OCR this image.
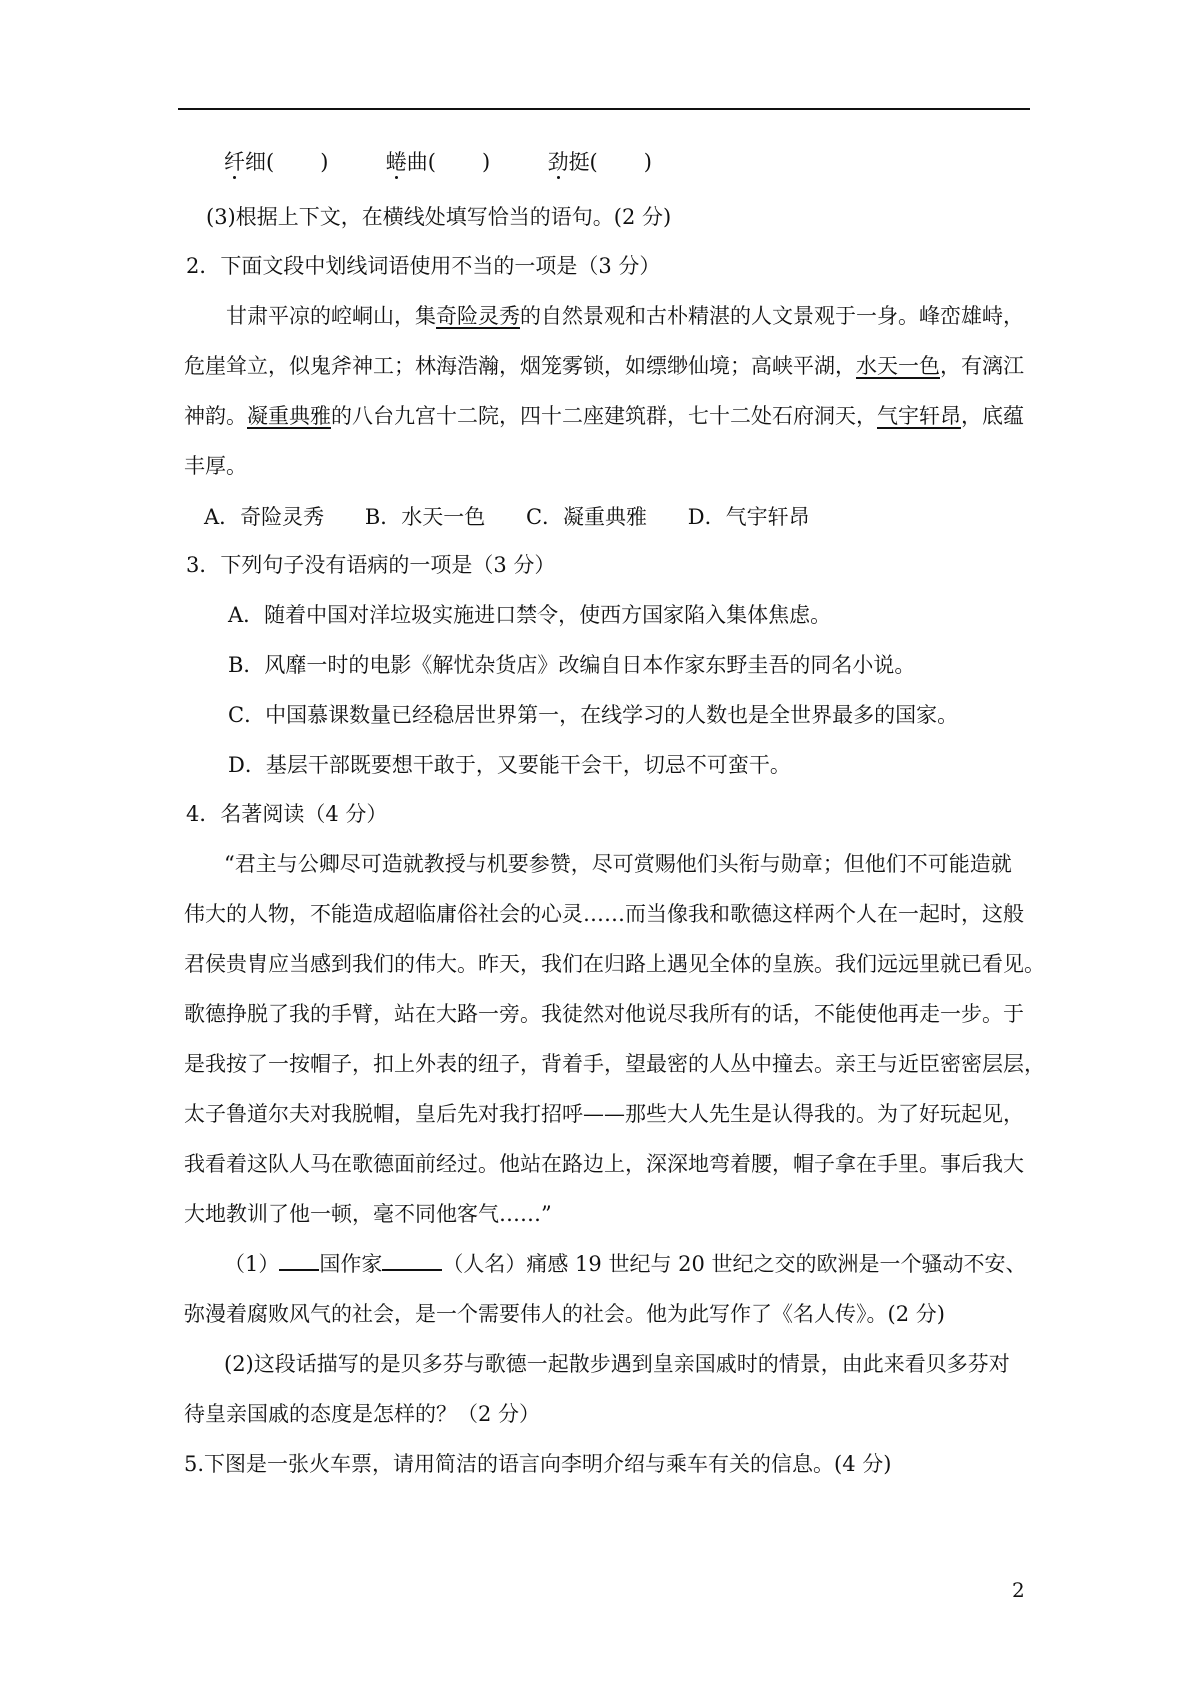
纤细( )	蜷曲( )	劲挺( )
(3)根据上下文，在横线处填写恰当的语句。(2 分)
2．下面文段中划线词语使用不当的一项是（3 分）
甘肃平凉的崆峒山，集奇险灵秀的自然景观和古朴精湛的人文景观于一身。峰峦雄峙，
危崖耸立，似鬼斧神工；林海浩瀚，烟笼雾锁，如缥缈仙境；高峡平湖，水天一色，有漓江
神韵。凝重典雅的八台九宫十二院，四十二座建筑群，七十二处石府洞天，气宇轩昂，底蕴
丰厚。
A．奇险灵秀 B．水天一色 C．凝重典雅 D．气宇轩昂
3．下列句子没有语病的一项是（3 分）
A．随着中国对洋垃圾实施进口禁令，使西方国家陷入集体焦虑。
B．风靡一时的电影《解忧杂货店》改编自日本作家东野圭吾的同名小说。
C．中国慕课数量已经稳居世界第一，在线学习的人数也是全世界最多的国家。
D．基层干部既要想干敢于，又要能干会干，切忌不可蛮干。
4．名著阅读（4 分）
“君主与公卿尽可造就教授与机要参赞，尽可赏赐他们头衔与勋章；但他们不可能造就
伟大的人物，不能造成超临庸俗社会的心灵……而当像我和歌德这样两个人在一起时，这般
君侯贵胄应当感到我们的伟大。昨天，我们在归路上遇见全体的皇族。我们远远里就已看见。
歌德挣脱了我的手臂，站在大路一旁。我徒然对他说尽我所有的话，不能使他再走一步。于
是我按了一按帽子，扣上外表的纽子，背着手，望最密的人丛中撞去。亲王与近臣密密层层，
太子鲁道尔夫对我脱帽，皇后先对我打招呼——那些大人先生是认得我的。为了好玩起见，
我看着这队人马在歌德面前经过。他站在路边上，深深地弯着腰，帽子拿在手里。事后我大
大地教训了他一顿，毫不同他客气……”
（1） 国作家	（人名）痛感 19 世纪与 20 世纪之交的欧洲是一个骚动不安、
弥漫着腐败风气的社会，是一个需要伟人的社会。他为此写作了《名人传》。(2 分)
(2)这段话描写的是贝多芬与歌德一起散步遇到皇亲国戚时的情景，由此来看贝多芬对
待皇亲国戚的态度是怎样的？（2 分）
5.下图是一张火车票，请用简洁的语言向李明介绍与乘车有关的信息。(4 分)
2
